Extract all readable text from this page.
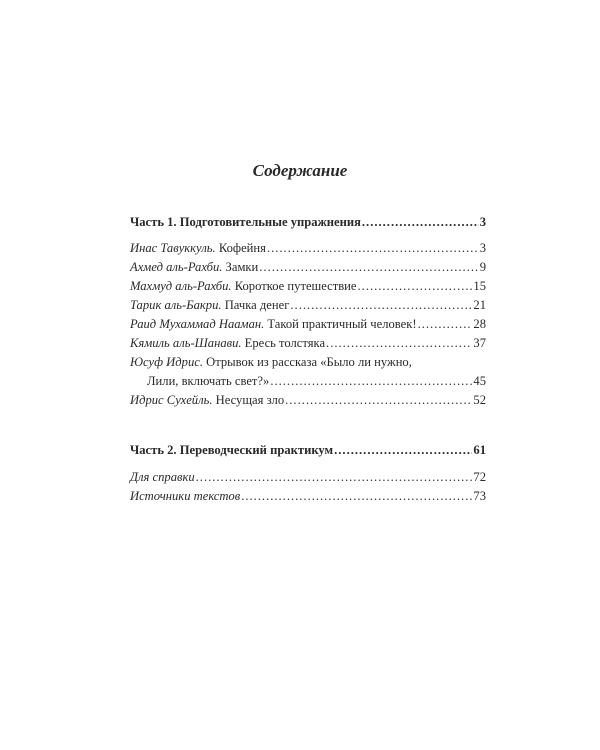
Содержание
Часть 1. Подготовительные упражнения .....	3
Инас Тавуккуль. Кофейня .....	3
Ахмед аль-Рахби. Замки .....	9
Махмуд аль-Рахби. Короткое путешествие .....	15
Тарик аль-Бакри. Пачка денег .....	21
Раид Мухаммад Нааман. Такой практичный человек! .....	28
Кямиль аль-Шанави. Ересь толстяка .....	37
Юсуф Идрис. Отрывок из рассказа «Было ли нужно,
Лили, включать свет?» .....	45
Идрис Сухейль. Несущая зло .....	52
Часть 2. Переводческий практикум .....	61
Для справки .....	72
Источники текстов .....	73
